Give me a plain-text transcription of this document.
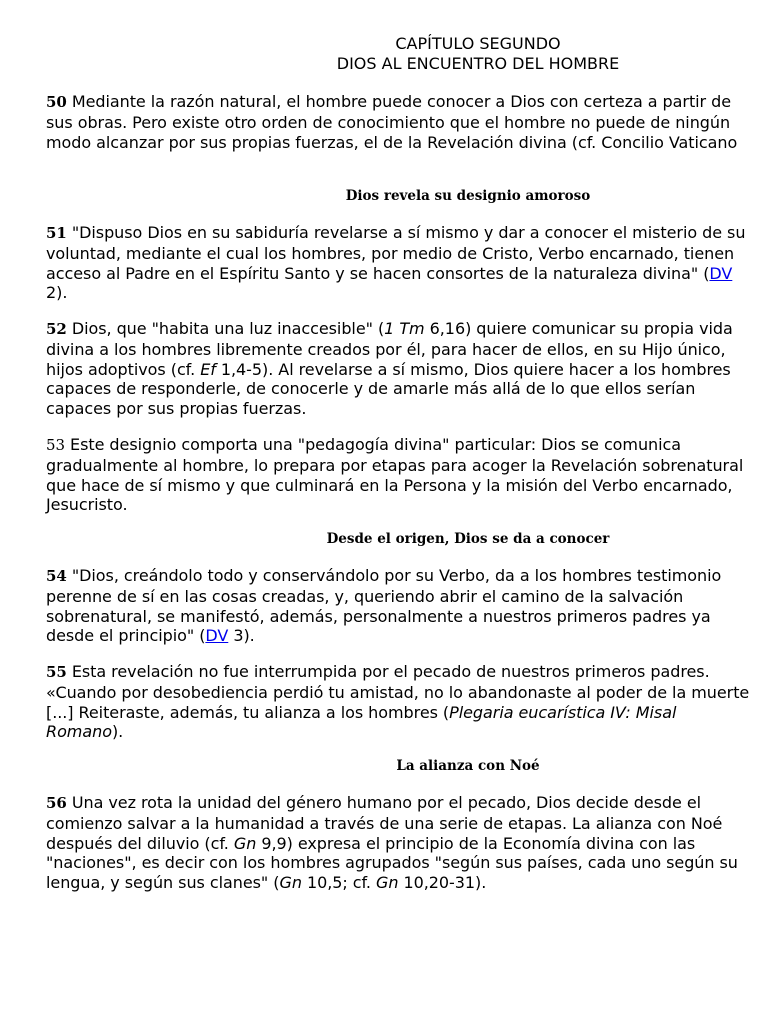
CAPÍTULO SEGUNDO
DIOS AL ENCUENTRO DEL HOMBRE
50 Mediante la razón natural, el hombre puede conocer a Dios con certeza a partir de sus obras. Pero existe otro orden de conocimiento que el hombre no puede de ningún modo alcanzar por sus propias fuerzas, el de la Revelación divina (cf. Concilio Vaticano
Dios revela su designio amoroso
51 "Dispuso Dios en su sabiduría revelarse a sí mismo y dar a conocer el misterio de su voluntad, mediante el cual los hombres, por medio de Cristo, Verbo encarnado, tienen acceso al Padre en el Espíritu Santo y se hacen consortes de la naturaleza divina" (DV 2).
52 Dios, que "habita una luz inaccesible" (1 Tm 6,16) quiere comunicar su propia vida divina a los hombres libremente creados por él, para hacer de ellos, en su Hijo único, hijos adoptivos (cf. Ef 1,4-5). Al revelarse a sí mismo, Dios quiere hacer a los hombres capaces de responderle, de conocerle y de amarle más allá de lo que ellos serían capaces por sus propias fuerzas.
53 Este designio comporta una "pedagogía divina" particular: Dios se comunica gradualmente al hombre, lo prepara por etapas para acoger la Revelación sobrenatural que hace de sí mismo y que culminará en la Persona y la misión del Verbo encarnado, Jesucristo.
Desde el origen, Dios se da a conocer
54 "Dios, creándolo todo y conservándolo por su Verbo, da a los hombres testimonio perenne de sí en las cosas creadas, y, queriendo abrir el camino de la salvación sobrenatural, se manifestó, además, personalmente a nuestros primeros padres ya desde el principio" (DV 3).
55 Esta revelación no fue interrumpida por el pecado de nuestros primeros padres. «Cuando por desobediencia perdió tu amistad, no lo abandonaste al poder de la muerte [...] Reiteraste, además, tu alianza a los hombres (Plegaria eucarística IV: Misal Romano).
La alianza con Noé
56 Una vez rota la unidad del género humano por el pecado, Dios decide desde el comienzo salvar a la humanidad a través de una serie de etapas. La alianza con Noé después del diluvio (cf. Gn 9,9) expresa el principio de la Economía divina con las "naciones", es decir con los hombres agrupados "según sus países, cada uno según su lengua, y según sus clanes" (Gn 10,5; cf. Gn 10,20-31).
